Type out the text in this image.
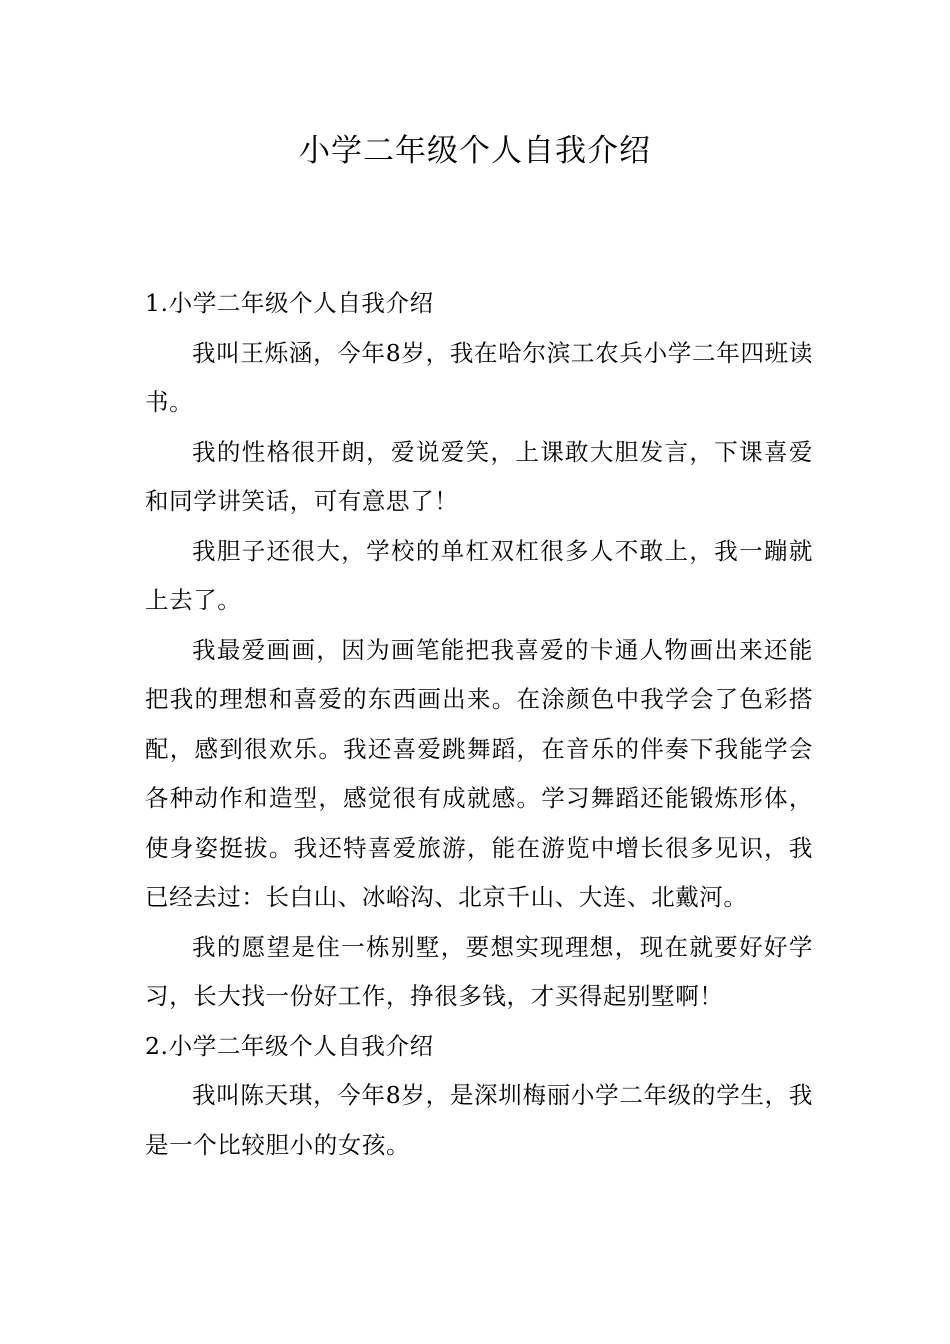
小学二年级个人自我介绍

1.小学二年级个人自我介绍

我叫王烁涵，今年8岁，我在哈尔滨工农兵小学二年四班读书。

我的性格很开朗，爱说爱笑，上课敢大胆发言，下课喜爱和同学讲笑话，可有意思了！

我胆子还很大，学校的单杠双杠很多人不敢上，我一蹦就上去了。

我最爱画画，因为画笔能把我喜爱的卡通人物画出来还能把我的理想和喜爱的东西画出来。在涂颜色中我学会了色彩搭配，感到很欢乐。我还喜爱跳舞蹈，在音乐的伴奏下我能学会各种动作和造型，感觉很有成就感。学习舞蹈还能锻炼形体，使身姿挺拔。我还特喜爱旅游，能在游览中增长很多见识，我已经去过：长白山、冰峪沟、北京千山、大连、北戴河。

我的愿望是住一栋别墅，要想实现理想，现在就要好好学习，长大找一份好工作，挣很多钱，才买得起别墅啊！

2.小学二年级个人自我介绍

我叫陈天琪，今年8岁，是深圳梅丽小学二年级的学生，我是一个比较胆小的女孩。
